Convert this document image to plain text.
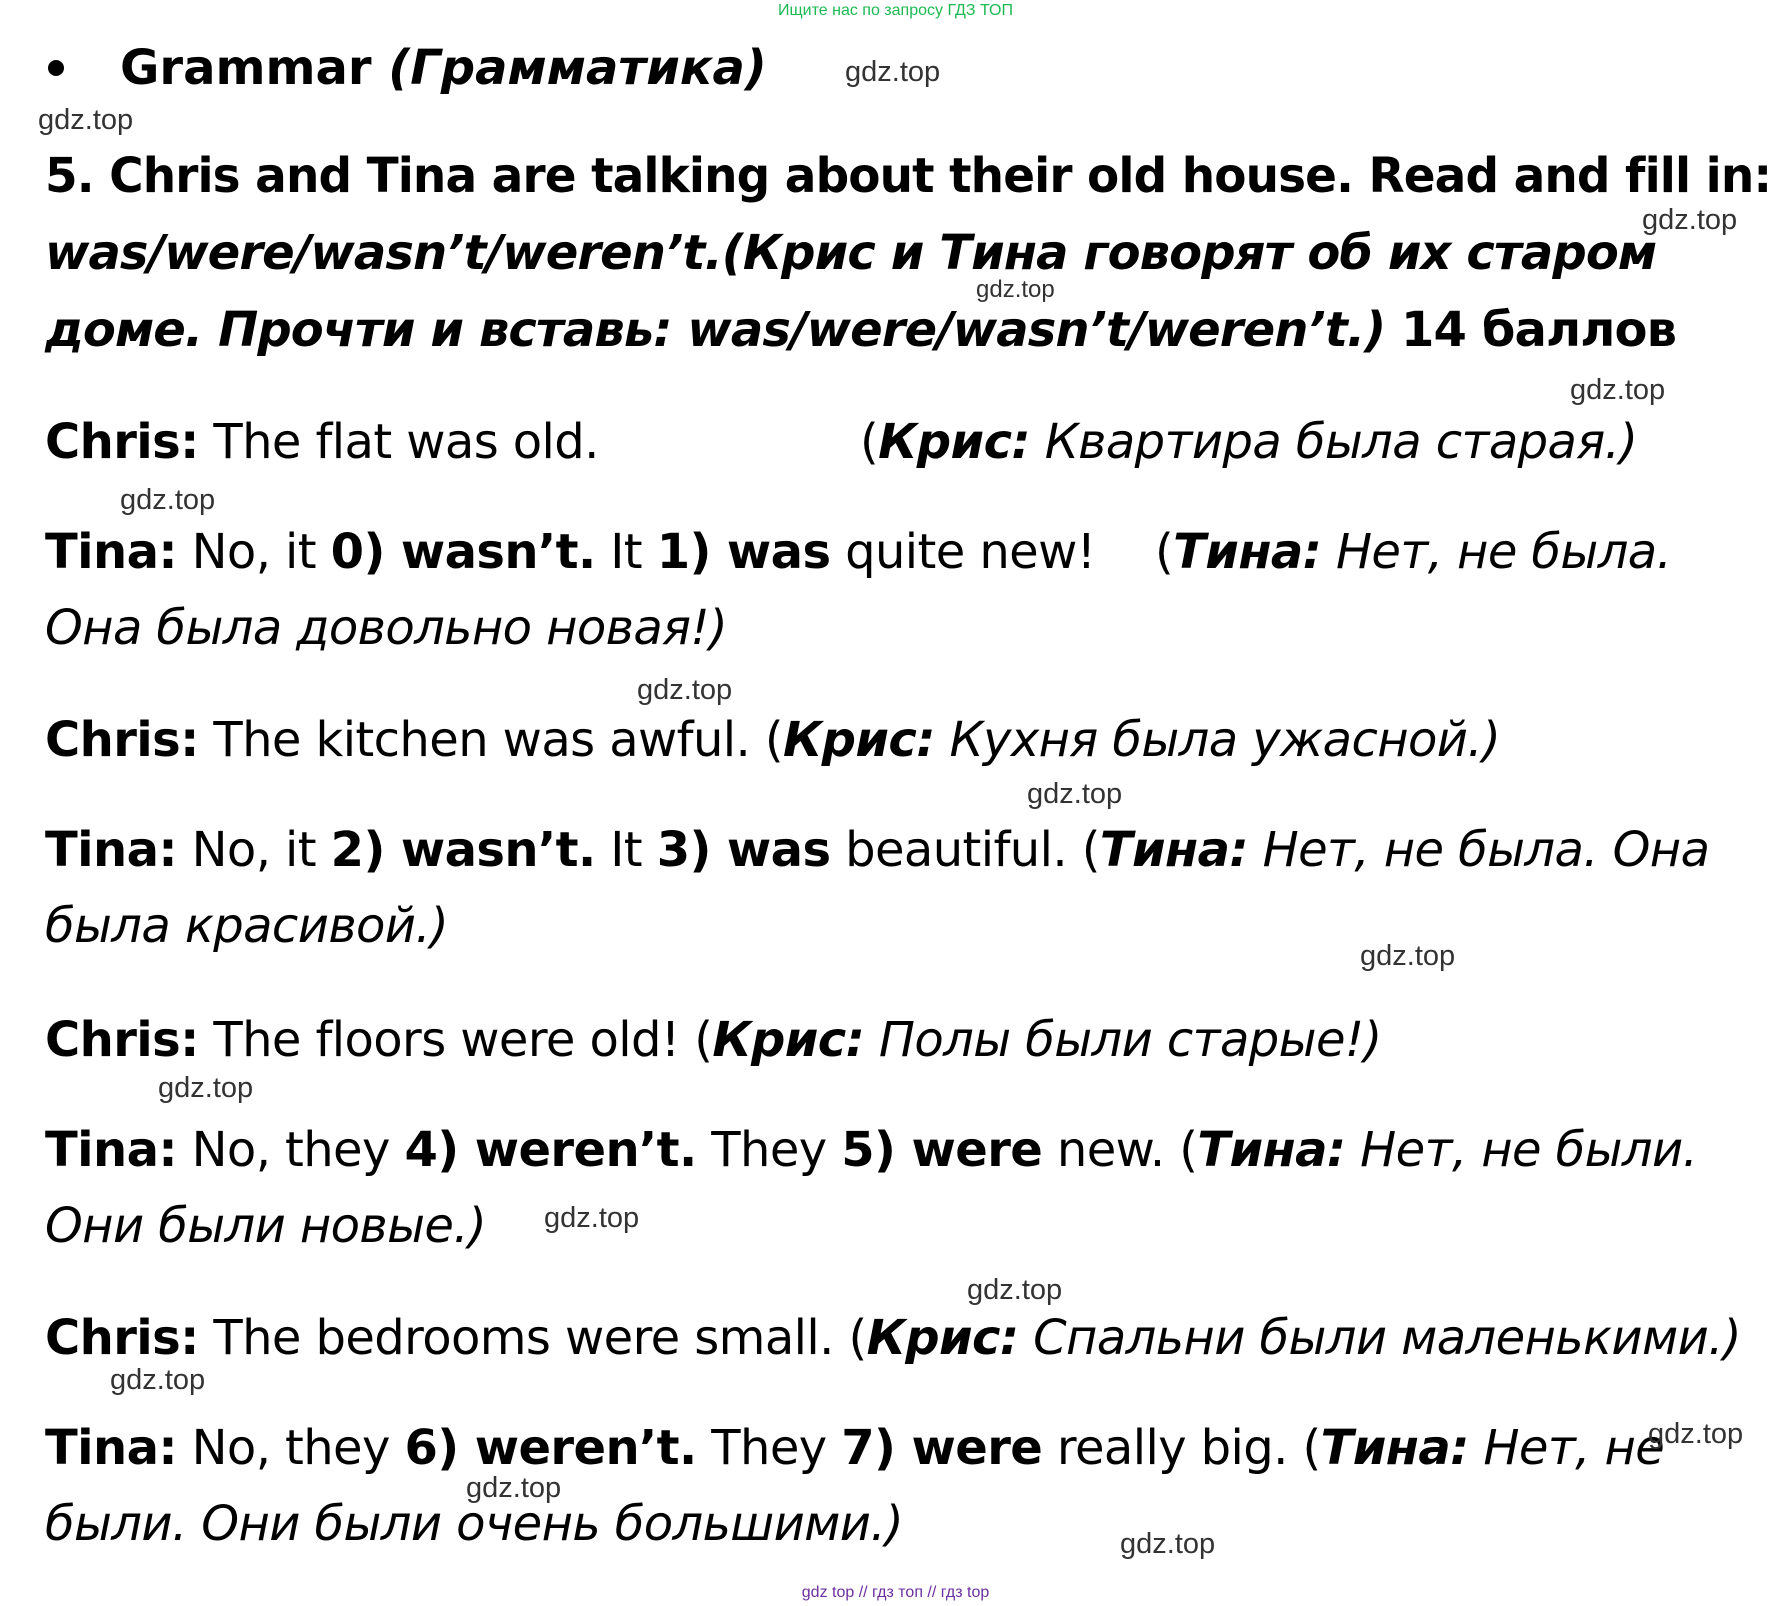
Ищите нас по запросу ГДЗ ТОП
Grammar (Грамматика)
5. Chris and Tina are talking about their old house. Read and fill in:
was/were/wasn’t/weren’t.(Крис и Тина говорят об их старом
доме. Прочти и вставь: was/were/wasn’t/weren’t.) 14 баллов
Chris: The flat was old.	(Крис: Квартира была старая.)
Tina: No, it 0) wasn’t. It 1) was quite new! (Тина: Нет, не была.
Она была довольно новая!)
Chris: The kitchen was awful. (Крис: Кухня была ужасной.)
Tina: No, it 2) wasn’t. It 3) was beautiful. (Тина: Нет, не была. Она
была красивой.)
Chris: The floors were old! (Крис: Полы были старые!)
Tina: No, they 4) weren’t. They 5) were new. (Тина: Нет, не были.
Они были новые.)
Chris: The bedrooms were small. (Крис: Спальни были маленькими.)
Tina: No, they 6) weren’t. They 7) were really big. (Тина: Нет, не
были. Они были очень большими.)
gdz.top
gdz.top
gdz.top
gdz.top
gdz.top
gdz.top
gdz.top
gdz.top
gdz.top
gdz.top
gdz.top
gdz.top
gdz.top
gdz.top
gdz.top
gdz.top
gdz top // гдз топ // гдз top
